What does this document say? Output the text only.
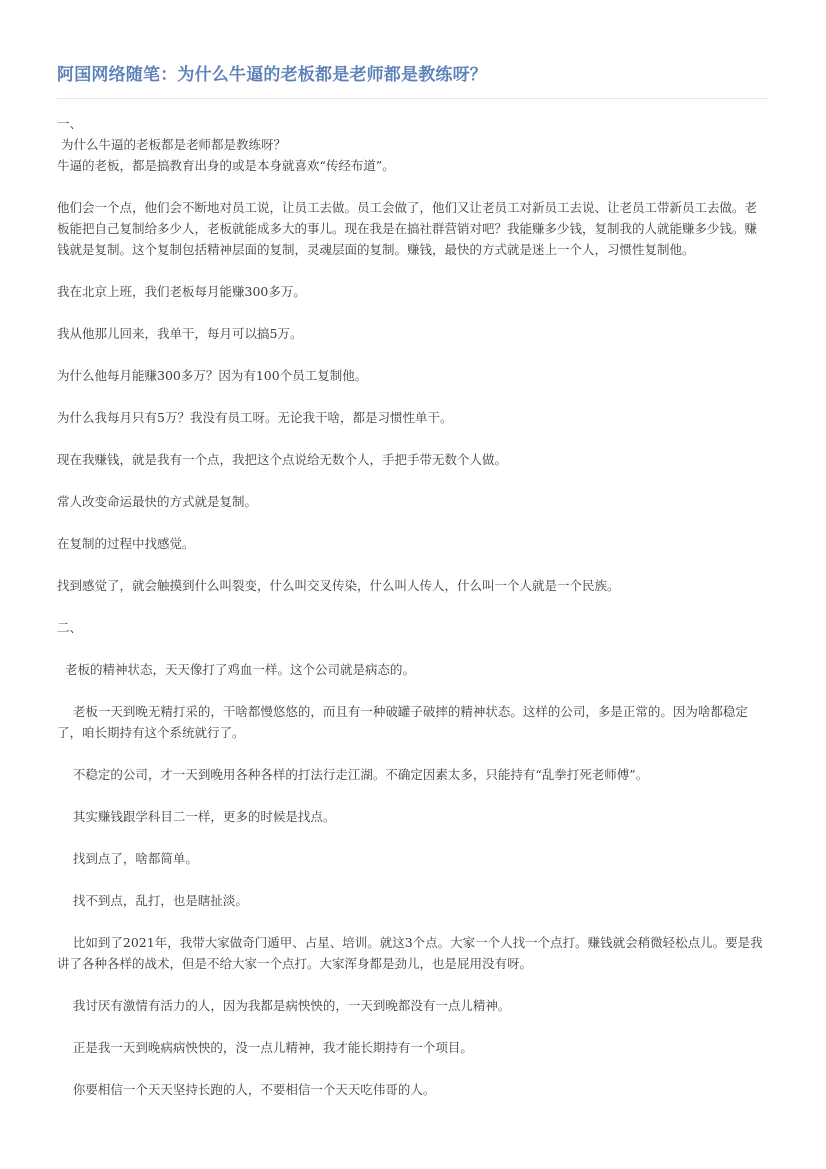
阿国网络随笔：为什么牛逼的老板都是老师都是教练呀？

一、

为什么牛逼的老板都是老师都是教练呀？

牛逼的老板，都是搞教育出身的或是本身就喜欢“传经布道”。

他们会一个点，他们会不断地对员工说，让员工去做。员工会做了，他们又让老员工对新员工去说、让老员工带新员工去做。老板能把自己复制给多少人，老板就能成多大的事儿。现在我是在搞社群营销对吧？我能赚多少钱，复制我的人就能赚多少钱。赚钱就是复制。这个复制包括精神层面的复制，灵魂层面的复制。赚钱，最快的方式就是迷上一个人，习惯性复制他。

我在北京上班，我们老板每月能赚300多万。

我从他那儿回来，我单干，每月可以搞5万。

为什么他每月能赚300多万？因为有100个员工复制他。

为什么我每月只有5万？我没有员工呀。无论我干啥，都是习惯性单干。

现在我赚钱，就是我有一个点，我把这个点说给无数个人，手把手带无数个人做。

常人改变命运最快的方式就是复制。

在复制的过程中找感觉。

找到感觉了，就会触摸到什么叫裂变，什么叫交叉传染，什么叫人传人，什么叫一个人就是一个民族。

二、

老板的精神状态，天天像打了鸡血一样。这个公司就是病态的。

老板一天到晚无精打采的，干啥都慢悠悠的，而且有一种破罐子破摔的精神状态。这样的公司，多是正常的。因为啥都稳定了，咱长期持有这个系统就行了。

不稳定的公司，才一天到晚用各种各样的打法行走江湖。不确定因素太多，只能持有“乱拳打死老师傅”。

其实赚钱跟学科目二一样，更多的时候是找点。

找到点了，啥都简单。

找不到点，乱打，也是瞎扯淡。

比如到了2021年，我带大家做奇门遁甲、占星、培训。就这3个点。大家一个人找一个点打。赚钱就会稍微轻松点儿。要是我讲了各种各样的战术，但是不给大家一个点打。大家浑身都是劲儿，也是屁用没有呀。

我讨厌有激情有活力的人，因为我都是病怏怏的，一天到晚都没有一点儿精神。

正是我一天到晚病病怏怏的，没一点儿精神，我才能长期持有一个项目。

你要相信一个天天坚持长跑的人，不要相信一个天天吃伟哥的人。
